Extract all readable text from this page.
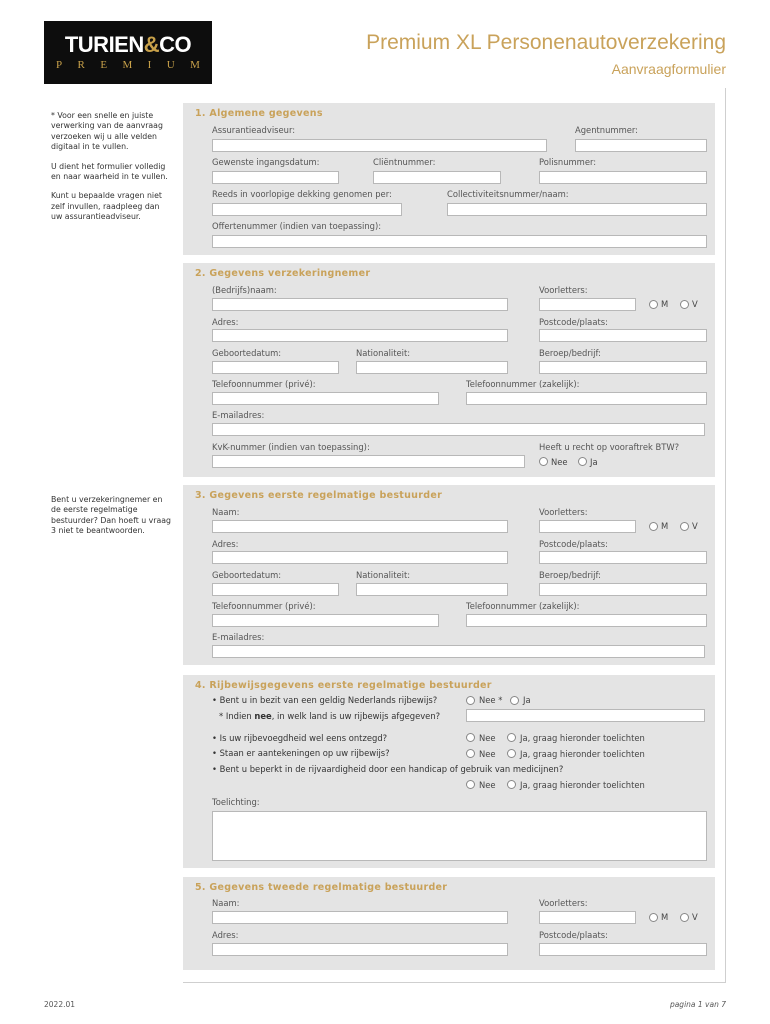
TURIEN&CO
P R E M I U M
Premium XL Personenautoverzekering
Aanvraagformulier

* Voor een snelle en juiste verwerking van de aanvraag verzoeken wij u alle velden digitaal in te vullen.

U dient het formulier volledig en naar waarheid in te vullen.

Kunt u bepaalde vragen niet zelf invullen, raadpleeg dan uw assurantieadviseur.

Bent u verzekeringnemer en de eerste regelmatige bestuurder? Dan hoeft u vraag 3 niet te beantwoorden.

1. Algemene gegevens
Assurantieadviseur:	Agentnummer:
Gewenste ingangsdatum:	Cliëntnummer:	Polisnummer:
Reeds in voorlopige dekking genomen per:	Collectiviteitsnummer/naam:
Offertenummer (indien van toepassing):
2. Gegevens verzekeringnemer
(Bedrijfs)naam:	Voorletters:
M	V
Adres:	Postcode/plaats:
Geboortedatum:	Nationaliteit:	Beroep/bedrijf:
Telefoonnummer (privé):	Telefoonnummer (zakelijk):
E-mailadres:
KvK-nummer (indien van toepassing):	Heeft u recht op vooraftrek BTW?
Nee	Ja
3. Gegevens eerste regelmatige bestuurder
Naam:	Voorletters:
M	V
Adres:	Postcode/plaats:
Geboortedatum:	Nationaliteit:	Beroep/bedrijf:
Telefoonnummer (privé):	Telefoonnummer (zakelijk):
E-mailadres:
4. Rijbewijsgegevens eerste regelmatige bestuurder
• Bent u in bezit van een geldig Nederlands rijbewijs?	Nee * Ja
* Indien nee, in welk land is uw rijbewijs afgegeven?
• Is uw rijbevoegdheid wel eens ontzegd?	Nee	Ja, graag hieronder toelichten
• Staan er aantekeningen op uw rijbewijs?	Nee	Ja, graag hieronder toelichten
• Bent u beperkt in de rijvaardigheid door een handicap of gebruik van medicijnen?
Nee	Ja, graag hieronder toelichten
Toelichting:
5. Gegevens tweede regelmatige bestuurder
Naam:	Voorletters:
M	V
Adres:	Postcode/plaats:
2022.01	pagina 1 van 7
